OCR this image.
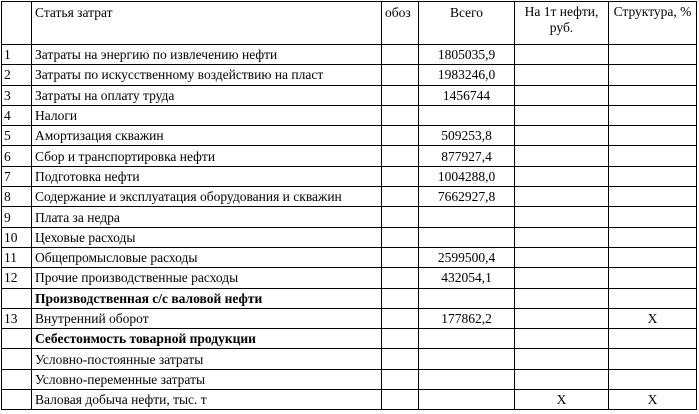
	Статья затрат	обоз	Всего	На 1т нефти, руб.	Структура, %
1	Затраты на энергию по извлечению нефти		1805035,9		
2	Затраты по искусственному воздействию на пласт		1983246,0		
3	Затраты на оплату труда		1456744		
4	Налоги				
5	Амортизация скважин		509253,8		
6	Сбор и транспортировка нефти		877927,4		
7	Подготовка нефти		1004288,0		
8	Содержание и эксплуатация оборудования и скважин		7662927,8		
9	Плата за недра				
10	Цеховые расходы				
11	Общепромысловые расходы		2599500,4		
12	Прочие производственные расходы		432054,1		
	Производственная с/с валовой нефти				
13	Внутренний оборот		177862,2		X
	Себестоимость товарной продукции				
	Условно-постоянные затраты				
	Условно-переменные затраты				
	Валовая добыча нефти, тыс. т			X	X
